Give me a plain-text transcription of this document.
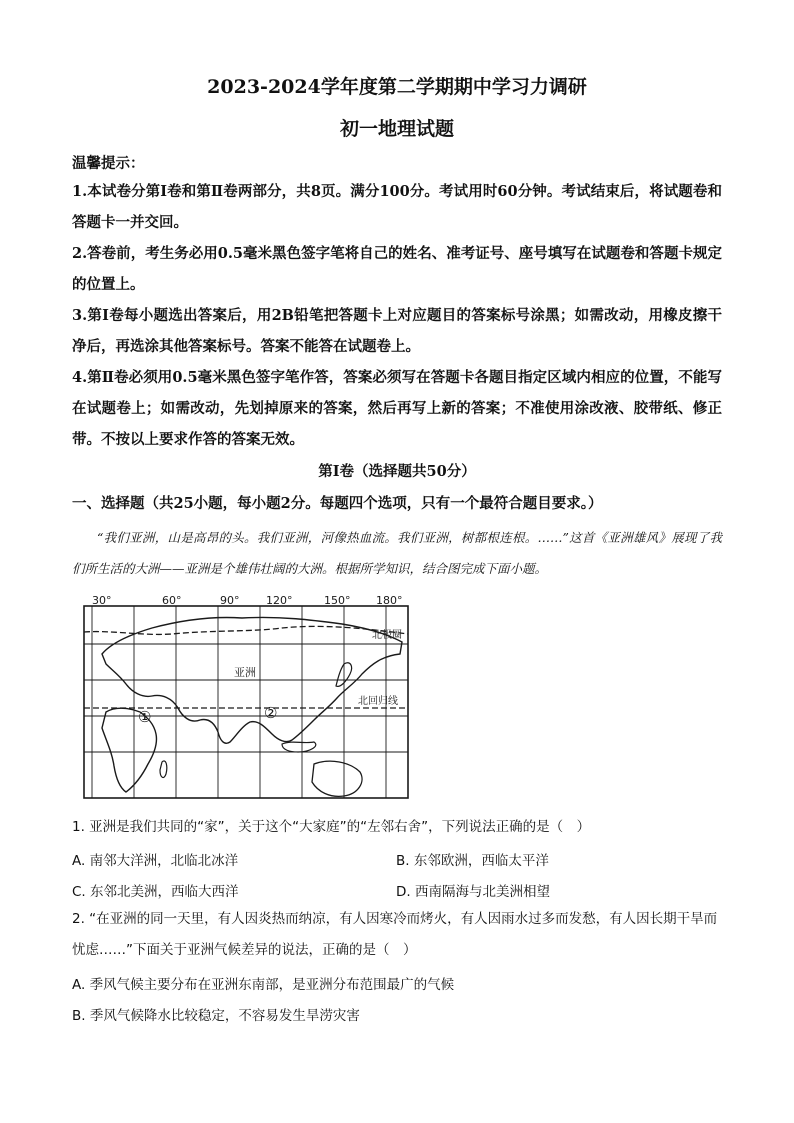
2023-2024学年度第二学期期中学习力调研
初一地理试题
温馨提示：
1.本试卷分第Ⅰ卷和第Ⅱ卷两部分，共8页。满分100分。考试用时60分钟。考试结束后，将试题卷和答题卡一并交回。
2.答卷前，考生务必用0.5毫米黑色签字笔将自己的姓名、准考证号、座号填写在试题卷和答题卡规定的位置上。
3.第Ⅰ卷每小题选出答案后，用2B铅笔把答题卡上对应题目的答案标号涂黑；如需改动，用橡皮擦干净后，再选涂其他答案标号。答案不能答在试题卷上。
4.第Ⅱ卷必须用0.5毫米黑色签字笔作答，答案必须写在答题卡各题目指定区域内相应的位置，不能写在试题卷上；如需改动，先划掉原来的答案，然后再写上新的答案；不准使用涂改液、胶带纸、修正带。不按以上要求作答的答案无效。
第Ⅰ卷（选择题共50分）
一、选择题（共25小题，每小题2分。每题四个选项，只有一个最符合题目要求。）
“我们亚洲，山是高昂的头。我们亚洲，河像热血流。我们亚洲，树都根连根。……”这首《亚洲雄风》展现了我们所生活的大洲——亚洲是个雄伟壮阔的大洲。根据所学知识，结合图完成下面小题。
30°	60°	90° 120°	150° 180°
亚洲
北极圈
北回归线
①	②
1. 亚洲是我们共同的“家”，关于这个“大家庭”的“左邻右舍”，下列说法正确的是（　）
A. 南邻大洋洲，北临北冰洋	B. 东邻欧洲，西临太平洋
C. 东邻北美洲，西临大西洋	D. 西南隔海与北美洲相望
2. “在亚洲的同一天里，有人因炎热而纳凉，有人因寒冷而烤火，有人因雨水过多而发愁，有人因长期干旱而忧虑……”下面关于亚洲气候差异的说法，正确的是（　）
A. 季风气候主要分布在亚洲东南部，是亚洲分布范围最广的气候
B. 季风气候降水比较稳定，不容易发生旱涝灾害
